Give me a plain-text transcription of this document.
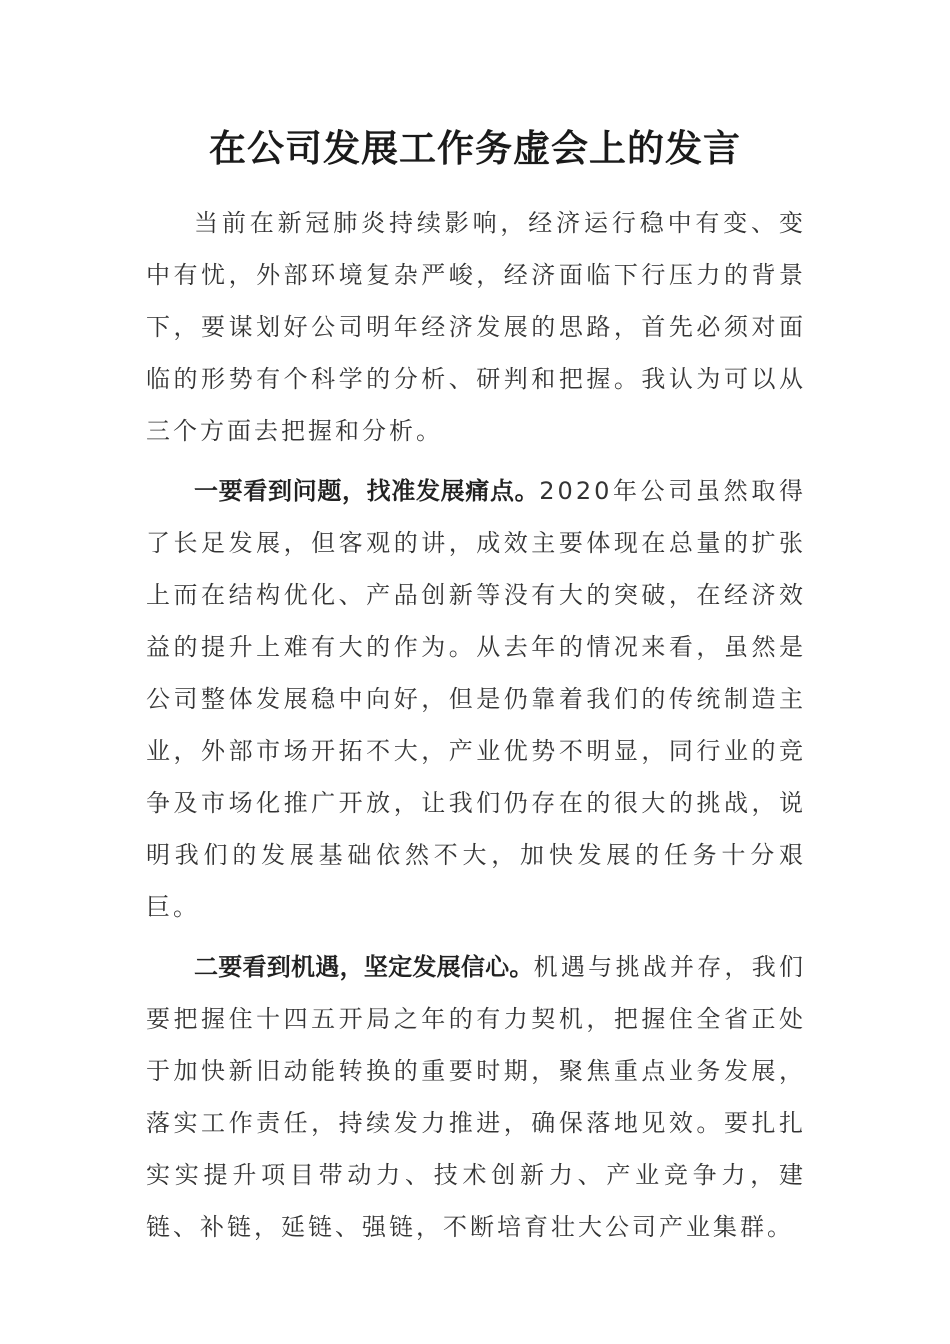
在公司发展工作务虚会上的发言

当前在新冠肺炎持续影响，经济运行稳中有变、变中有忧，外部环境复杂严峻，经济面临下行压力的背景下，要谋划好公司明年经济发展的思路，首先必须对面临的形势有个科学的分析、研判和把握。我认为可以从三个方面去把握和分析。

一要看到问题，找准发展痛点。2020年公司虽然取得了长足发展，但客观的讲，成效主要体现在总量的扩张上而在结构优化、产品创新等没有大的突破，在经济效益的提升上难有大的作为。从去年的情况来看，虽然是公司整体发展稳中向好，但是仍靠着我们的传统制造主业，外部市场开拓不大，产业优势不明显，同行业的竞争及市场化推广开放，让我们仍存在的很大的挑战，说明我们的发展基础依然不大，加快发展的任务十分艰巨。

二要看到机遇，坚定发展信心。机遇与挑战并存，我们要把握住十四五开局之年的有力契机，把握住全省正处于加快新旧动能转换的重要时期，聚焦重点业务发展，落实工作责任，持续发力推进，确保落地见效。要扎扎实实提升项目带动力、技术创新力、产业竞争力，建链、补链，延链、强链，不断培育壮大公司产业集群。
